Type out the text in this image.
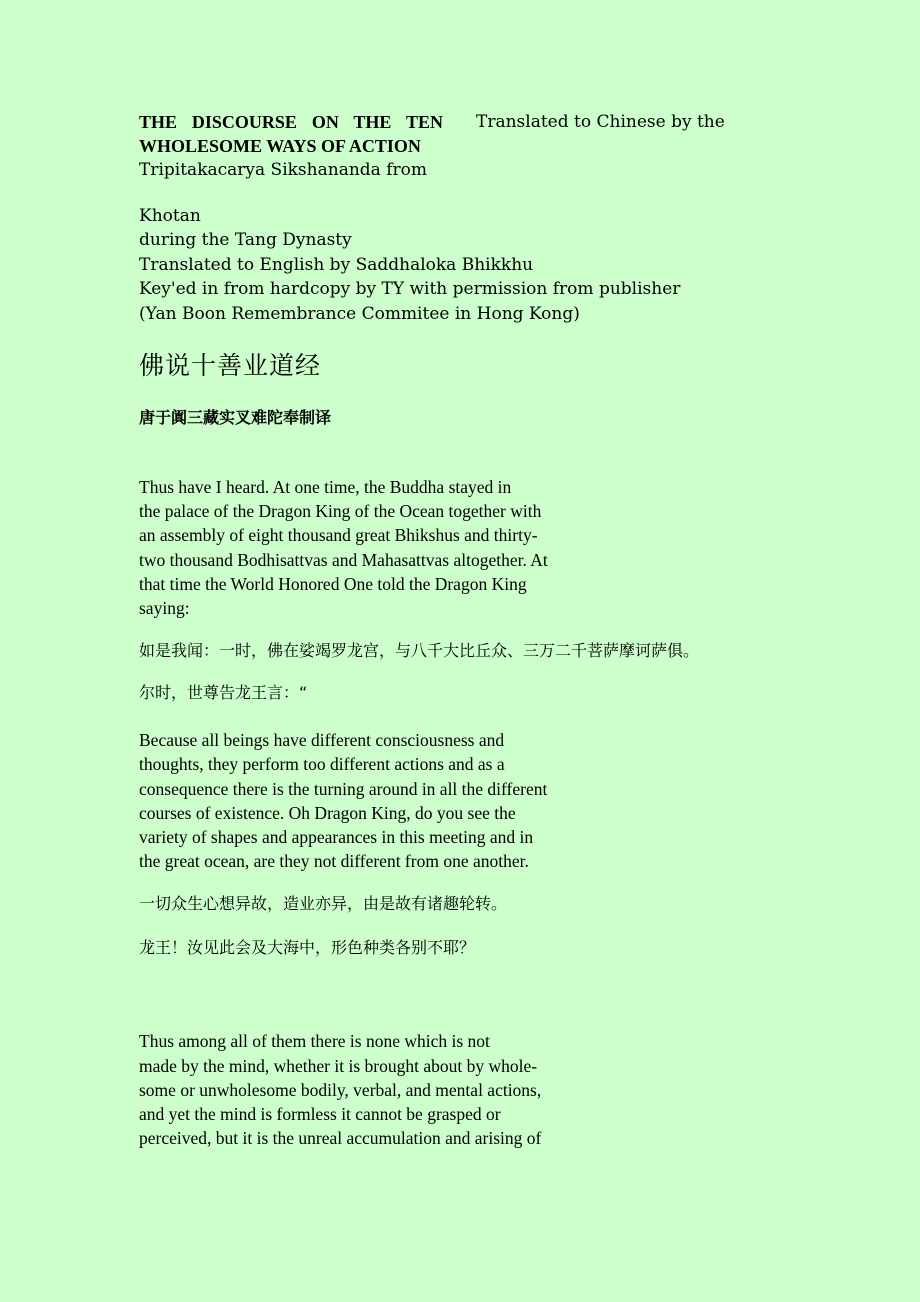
THE DISCOURSE ON THE TEN
WHOLESOME WAYS OF ACTION
Translated to Chinese by the
Tripitakacarya Sikshananda from
Khotan
during the Tang Dynasty
Translated to English by Saddhaloka Bhikkhu
Key'ed in from hardcopy by TY with permission from publisher
(Yan Boon Remembrance Commitee in Hong Kong)
佛说十善业道经
唐于阗三藏实叉难陀奉制译
Thus have I heard. At one time, the Buddha stayed in
the palace of the Dragon King of the Ocean together with
an assembly of eight thousand great Bhikshus and thirty-
two thousand Bodhisattvas and Mahasattvas altogether. At
that time the World Honored One told the Dragon King
saying:
如是我闻：一时，佛在娑竭罗龙宫，与八千大比丘众、三万二千菩萨摩诃萨俱。
尔时，世尊告龙王言：“
Because all beings have different consciousness and
thoughts, they perform too different actions and as a
consequence there is the turning around in all the different
courses of existence. Oh Dragon King, do you see the
variety of shapes and appearances in this meeting and in
the great ocean, are they not different from one another.
一切众生心想异故，造业亦异，由是故有诸趣轮转。
龙王！汝见此会及大海中，形色种类各别不耶？
Thus among all of them there is none which is not
made by the mind, whether it is brought about by whole-
some or unwholesome bodily, verbal, and mental actions,
and yet the mind is formless it cannot be grasped or
perceived, but it is the unreal accumulation and arising of
